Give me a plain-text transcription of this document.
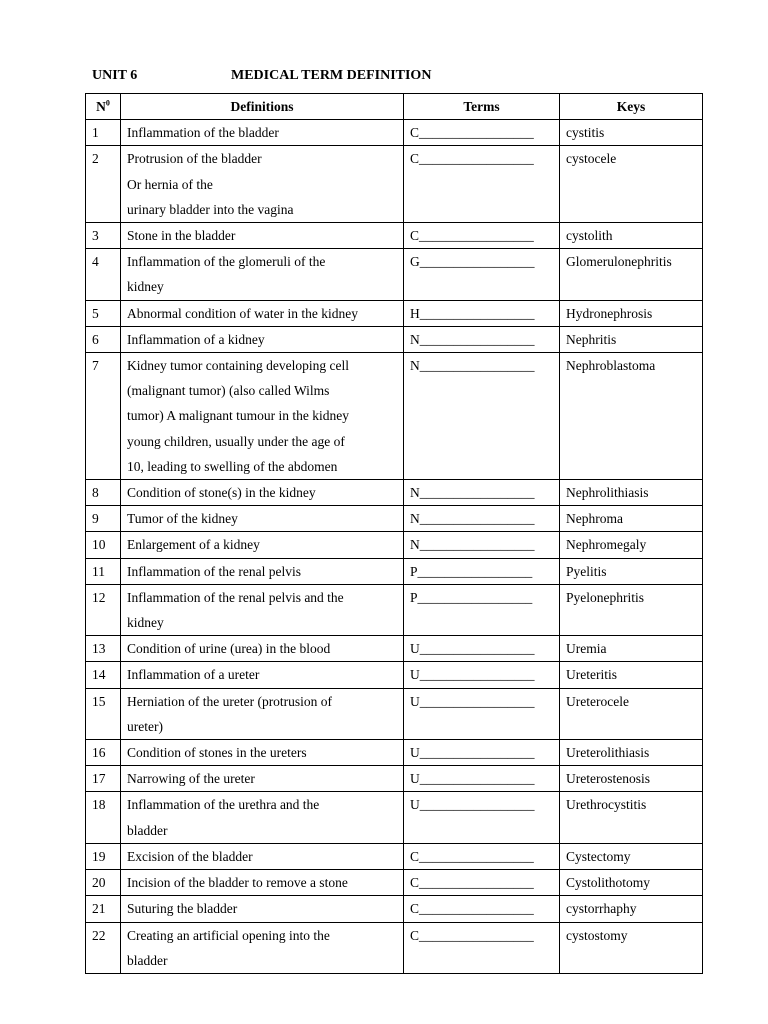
UNIT 6	MEDICAL TERM DEFINITION
$N^0$	Definitions	Terms	Keys
1	Inflammation of the bladder	C_________________	cystitis
2	Protrusion of the bladder
Or hernia of the
urinary bladder into the vagina	C_________________	cystocele
3	Stone in the bladder	C_________________	cystolith
4	Inflammation of the glomeruli of the
kidney	G_________________	Glomerulonephritis
5	Abnormal condition of water in the kidney	H_________________	Hydronephrosis
6	Inflammation of a kidney	N_________________	Nephritis
7	Kidney tumor containing developing cell
(malignant tumor) (also called Wilms
tumor) A malignant tumour in the kidney
young children, usually under the age of
10, leading to swelling of the abdomen	N_________________	Nephroblastoma
8	Condition of stone(s) in the kidney	N_________________	Nephrolithiasis
9	Tumor of the kidney	N_________________	Nephroma
10	Enlargement of a kidney	N_________________	Nephromegaly
11	Inflammation of the renal pelvis	P_________________	Pyelitis
12	Inflammation of the renal pelvis and the
kidney	P_________________	Pyelonephritis
13	Condition of urine (urea) in the blood	U_________________	Uremia
14	Inflammation of a ureter	U_________________	Ureteritis
15	Herniation of the ureter (protrusion of
ureter)	U_________________	Ureterocele
16	Condition of stones in the ureters	U_________________	Ureterolithiasis
17	Narrowing of the ureter	U_________________	Ureterostenosis
18	Inflammation of the urethra and the
bladder	U_________________	Urethrocystitis
19	Excision of the bladder	C_________________	Cystectomy
20	Incision of the bladder to remove a stone	C_________________	Cystolithotomy
21	Suturing the bladder	C_________________	cystorrhaphy
22	Creating an artificial opening into the
bladder	C_________________	cystostomy
